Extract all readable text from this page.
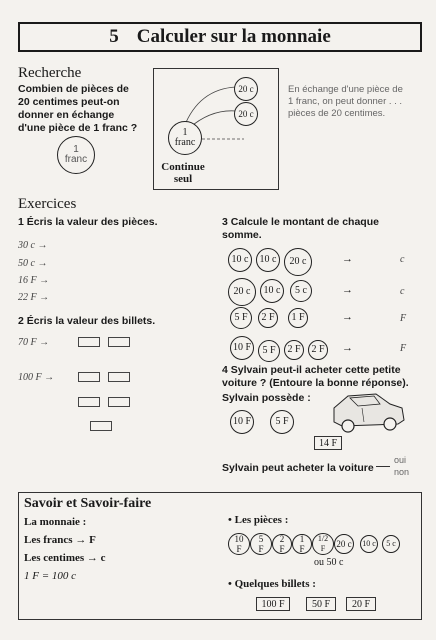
5 Calculer sur la monnaie
Recherche
Combien de pièces de
20 centimes peut-on
donner en échange
d'une pièce de 1 franc ?
1
franc
20 c
20 c
1
franc
Continue
seul
En échange d'une pièce de
1 franc, on peut donner . . .
pièces de 20 centimes.
Exercices
1 Écris la valeur des pièces.
30 c →
50 c →
16 F →
22 F →
2 Écris la valeur des billets.
70 F →
100 F →
3 Calcule le montant de chaque
somme.
10 c	10 c	20 c	→	c
20 c	10 c	5 c	→	c
5 F	2 F	1 F	→	F
10 F	5 F	2 F	2 F	→	F
4 Sylvain peut-il acheter cette petite
voiture ? (Entoure la bonne réponse).
Sylvain possède :
10 F	5 F
14 F
Sylvain peut acheter la voiture
oui
non
Savoir et Savoir-faire
La monnaie :
Les francs → F
Les centimes → c
1 F = 100 c
• Les pièces :
10
F
5
F
2
F
1
F
1/2
F 20 c 10 c	5 c
ou 50 c
• Quelques billets :
100 F	50 F	20 F
